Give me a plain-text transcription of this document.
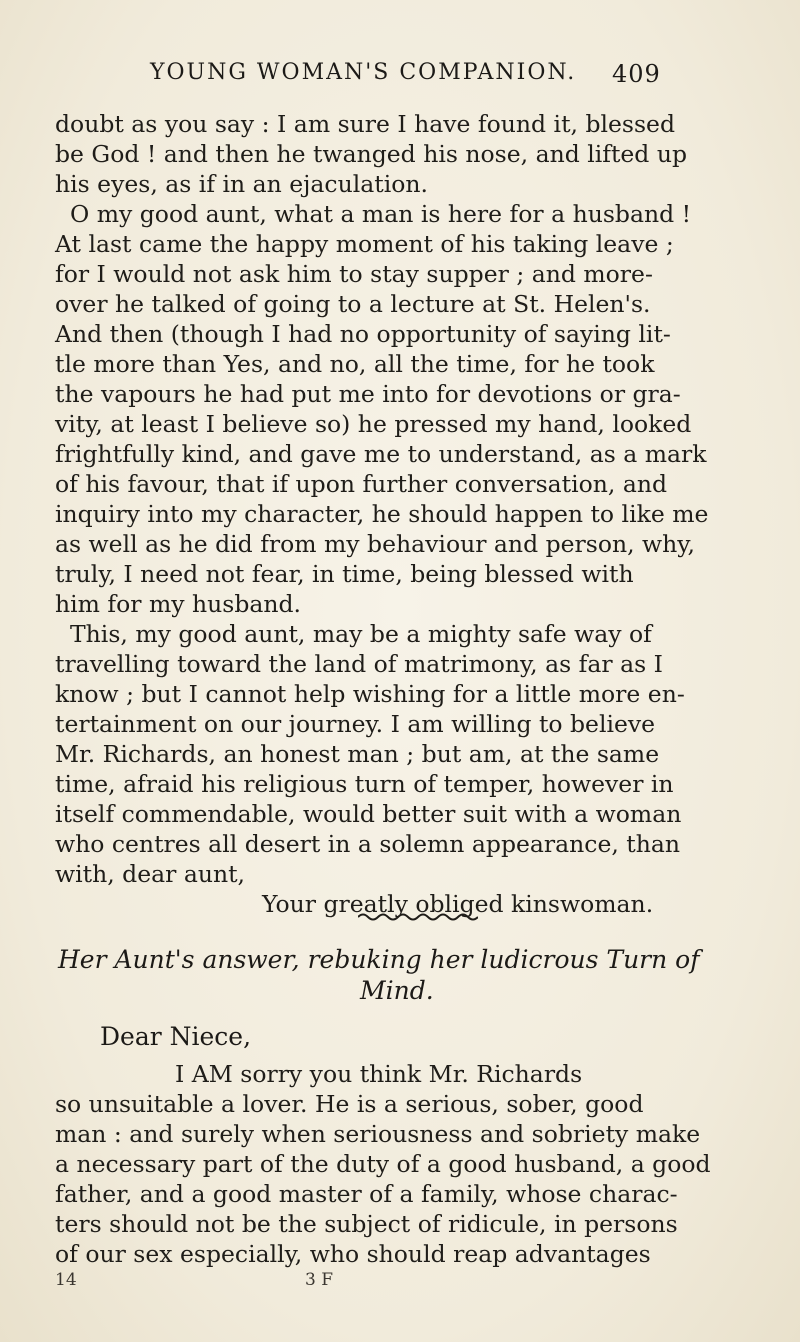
YOUNG WOMAN'S COMPANION. 409
doubt as you say : I am sure I have found it, blessed
be God ! and then he twanged his nose, and lifted up
his eyes, as if in an ejaculation.
O my good aunt, what a man is here for a husband !
At last came the happy moment of his taking leave ;
for I would not ask him to stay supper ; and more-
over he talked of going to a lecture at St. Helen's.
And then (though I had no opportunity of saying lit-
tle more than Yes, and no, all the time, for he took
the vapours he had put me into for devotions or gra-
vity, at least I believe so) he pressed my hand, looked
frightfully kind, and gave me to understand, as a mark
of his favour, that if upon further conversation, and
inquiry into my character, he should happen to like me
as well as he did from my behaviour and person, why,
truly, I need not fear, in time, being blessed with
him for my husband.
This, my good aunt, may be a mighty safe way of
travelling toward the land of matrimony, as far as I
know ; but I cannot help wishing for a little more en-
tertainment on our journey. I am willing to believe
Mr. Richards, an honest man ; but am, at the same
time, afraid his religious turn of temper, however in
itself commendable, would better suit with a woman
who centres all desert in a solemn appearance, than
with, dear aunt,
Your greatly obliged kinswoman.
Her Aunt's answer, rebuking her ludicrous Turn of
Mind.
Dear Niece,
I AM sorry you think Mr. Richards
so unsuitable a lover. He is a serious, sober, good
man : and surely when seriousness and sobriety make
a necessary part of the duty of a good husband, a good
father, and a good master of a family, whose charac-
ters should not be the subject of ridicule, in persons
of our sex especially, who should reap advantages
14	3 F
